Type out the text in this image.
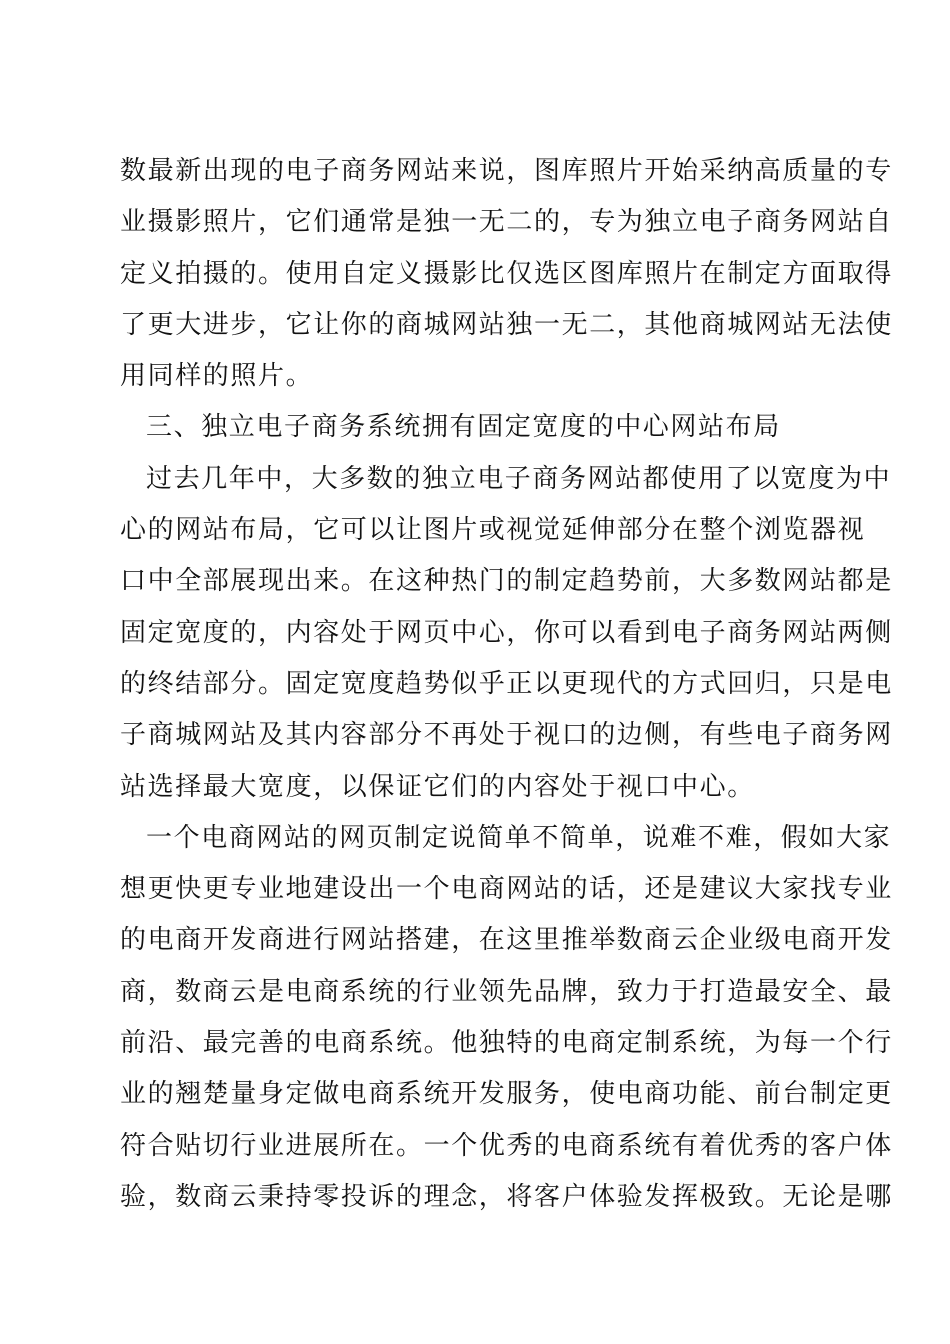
数最新出现的电子商务网站来说，图库照片开始采纳高质量的专
业摄影照片，它们通常是独一无二的，专为独立电子商务网站自
定义拍摄的。使用自定义摄影比仅选区图库照片在制定方面取得
了更大进步，它让你的商城网站独一无二，其他商城网站无法使
用同样的照片。
三、独立电子商务系统拥有固定宽度的中心网站布局
过去几年中，大多数的独立电子商务网站都使用了以宽度为中
心的网站布局，它可以让图片或视觉延伸部分在整个浏览器视
口中全部展现出来。在这种热门的制定趋势前，大多数网站都是
固定宽度的，内容处于网页中心，你可以看到电子商务网站两侧
的终结部分。固定宽度趋势似乎正以更现代的方式回归，只是电
子商城网站及其内容部分不再处于视口的边侧，有些电子商务网
站选择最大宽度，以保证它们的内容处于视口中心。
一个电商网站的网页制定说简单不简单，说难不难，假如大家
想更快更专业地建设出一个电商网站的话，还是建议大家找专业
的电商开发商进行网站搭建，在这里推举数商云企业级电商开发
商，数商云是电商系统的行业领先品牌，致力于打造最安全、最
前沿、最完善的电商系统。他独特的电商定制系统，为每一个行
业的翘楚量身定做电商系统开发服务，使电商功能、前台制定更
符合贴切行业进展所在。一个优秀的电商系统有着优秀的客户体
验，数商云秉持零投诉的理念，将客户体验发挥极致。无论是哪
